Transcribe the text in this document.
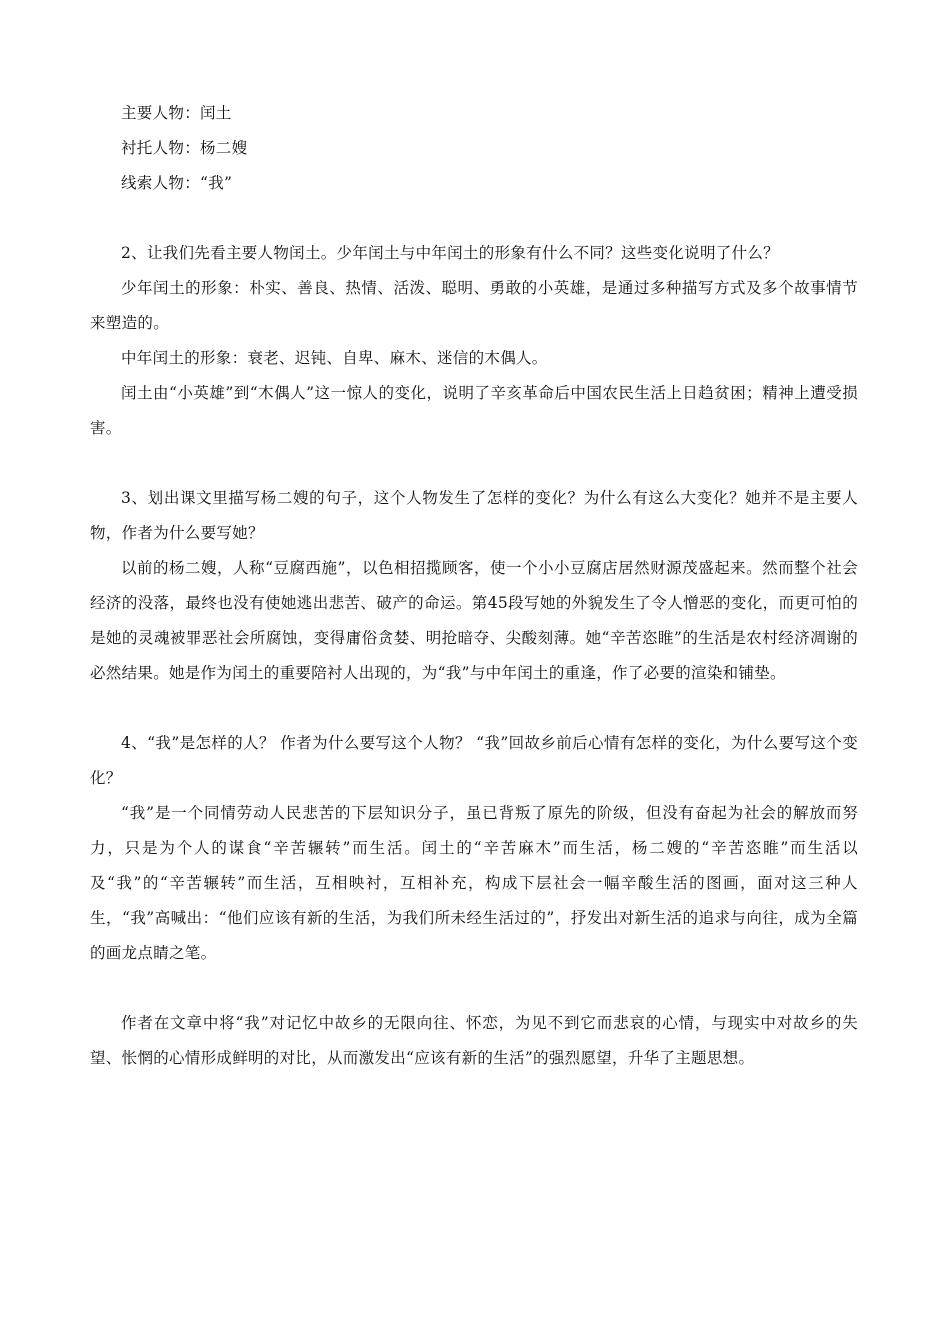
主要人物：闰土

衬托人物：杨二嫂

线索人物：“我”

2、让我们先看主要人物闰土。少年闰土与中年闰土的形象有什么不同？这些变化说明了什么？

少年闰土的形象：朴实、善良、热情、活泼、聪明、勇敢的小英雄，是通过多种描写方式及多个故事情节来塑造的。

中年闰土的形象：衰老、迟钝、自卑、麻木、迷信的木偶人。

闰土由“小英雄”到“木偶人”这一惊人的变化，说明了辛亥革命后中国农民生活上日趋贫困；精神上遭受损害。

3、划出课文里描写杨二嫂的句子，这个人物发生了怎样的变化？为什么有这么大变化？她并不是主要人物，作者为什么要写她？

以前的杨二嫂，人称“豆腐西施”，以色相招揽顾客，使一个小小豆腐店居然财源茂盛起来。然而整个社会经济的没落，最终也没有使她逃出悲苦、破产的命运。第45段写她的外貌发生了令人憎恶的变化，而更可怕的是她的灵魂被罪恶社会所腐蚀，变得庸俗贪婪、明抢暗夺、尖酸刻薄。她“辛苦恣睢”的生活是农村经济凋谢的必然结果。她是作为闰土的重要陪衬人出现的，为“我”与中年闰土的重逢，作了必要的渲染和铺垫。

4、“我”是怎样的人？ 作者为什么要写这个人物？ “我”回故乡前后心情有怎样的变化，为什么要写这个变化？

“我”是一个同情劳动人民悲苦的下层知识分子，虽已背叛了原先的阶级，但没有奋起为社会的解放而努力，只是为个人的谋食“辛苦辗转”而生活。闰土的“辛苦麻木”而生活，杨二嫂的“辛苦恣睢”而生活以及“我”的“辛苦辗转”而生活，互相映衬，互相补充，构成下层社会一幅辛酸生活的图画，面对这三种人生，“我”高喊出：“他们应该有新的生活，为我们所未经生活过的”，抒发出对新生活的追求与向往，成为全篇的画龙点睛之笔。

作者在文章中将“我”对记忆中故乡的无限向往、怀恋，为见不到它而悲哀的心情，与现实中对故乡的失望、怅惘的心情形成鲜明的对比，从而激发出“应该有新的生活”的强烈愿望，升华了主题思想。
